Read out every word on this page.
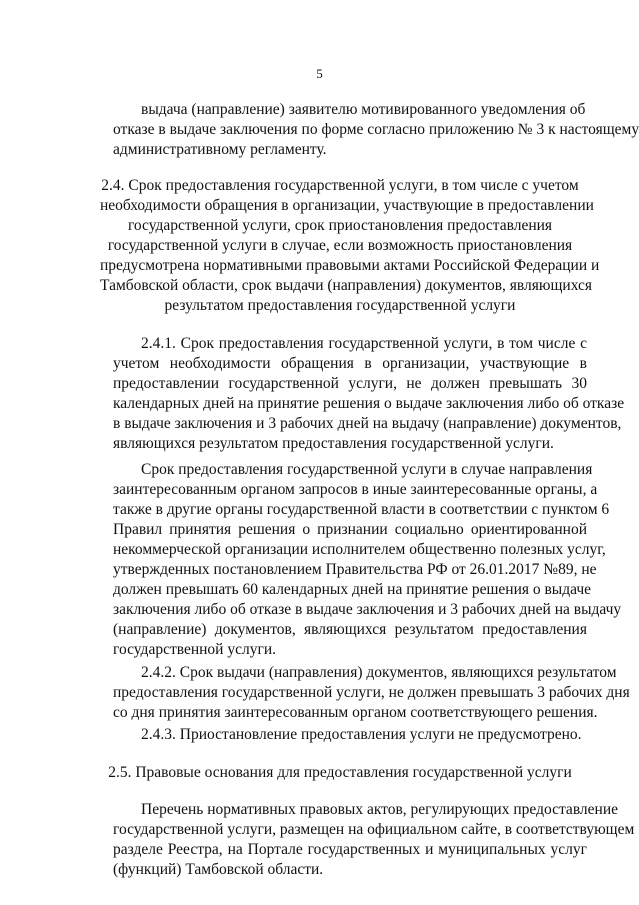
5
выдача (направление) заявителю мотивированного уведомления об
отказе в выдаче заключения по форме согласно приложению № 3 к настоящему
административному регламенту.
2.4. Срок предоставления государственной услуги, в том числе с учетом
необходимости обращения в организации, участвующие в предоставлении
государственной услуги, срок приостановления предоставления
государственной услуги в случае, если возможность приостановления
предусмотрена нормативными правовыми актами Российской Федерации и
Тамбовской области, срок выдачи (направления) документов, являющихся
результатом предоставления государственной услуги
2.4.1. Срок предоставления государственной услуги, в том числе с
учетом необходимости обращения в организации, участвующие в
предоставлении государственной услуги, не должен превышать 30
календарных дней на принятие решения о выдаче заключения либо об отказе
в выдаче заключения и 3 рабочих дней на выдачу (направление) документов,
являющихся результатом предоставления государственной услуги.
Срок предоставления государственной услуги в случае направления
заинтересованным органом запросов в иные заинтересованные органы, а
также в другие органы государственной власти в соответствии с пунктом 6
Правил принятия решения о признании социально ориентированной
некоммерческой организации исполнителем общественно полезных услуг,
утвержденных постановлением Правительства РФ от 26.01.2017 №89, не
должен превышать 60 календарных дней на принятие решения о выдаче
заключения либо об отказе в выдаче заключения и 3 рабочих дней на выдачу
(направление) документов, являющихся результатом предоставления
государственной услуги.
2.4.2. Срок выдачи (направления) документов, являющихся результатом
предоставления государственной услуги, не должен превышать 3 рабочих дня
со дня принятия заинтересованным органом соответствующего решения.
2.4.3. Приостановление предоставления услуги не предусмотрено.
2.5. Правовые основания для предоставления государственной услуги
Перечень нормативных правовых актов, регулирующих предоставление
государственной услуги, размещен на официальном сайте, в соответствующем
разделе Реестра, на Портале государственных и муниципальных услуг
(функций) Тамбовской области.
